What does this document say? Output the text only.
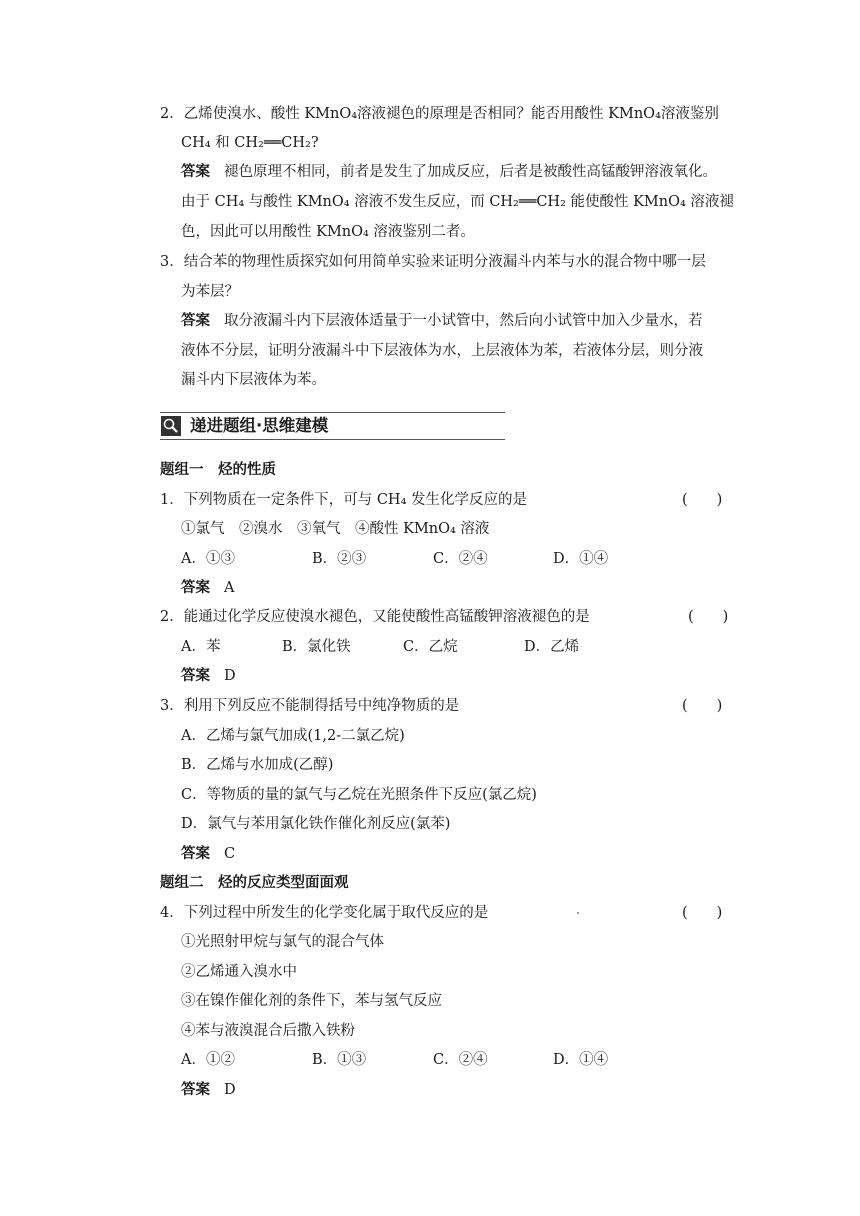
2．乙烯使溴水、酸性 KMnO₄溶液褪色的原理是否相同？能否用酸性 KMnO₄溶液鉴别
CH₄ 和 CH₂══CH₂?
答案 褪色原理不相同，前者是发生了加成反应，后者是被酸性高锰酸钾溶液氧化。
由于 CH₄ 与酸性 KMnO₄ 溶液不发生反应，而 CH₂══CH₂ 能使酸性 KMnO₄ 溶液褪
色，因此可以用酸性 KMnO₄ 溶液鉴别二者。
3．结合苯的物理性质探究如何用简单实验来证明分液漏斗内苯与水的混合物中哪一层
为苯层？
答案 取分液漏斗内下层液体适量于一小试管中，然后向小试管中加入少量水，若
液体不分层，证明分液漏斗中下层液体为水，上层液体为苯，若液体分层，则分液
漏斗内下层液体为苯。
递进题组·思维建模
题组一　烃的性质
1．下列物质在一定条件下，可与 CH₄ 发生化学反应的是	(　　)
①氯气　②溴水　③氧气　④酸性 KMnO₄ 溶液
A．①③	B．②③	C．②④	D．①④
答案 A
2．能通过化学反应使溴水褪色，又能使酸性高锰酸钾溶液褪色的是	(　　)
A．苯	B．氯化铁	C．乙烷	D．乙烯
答案 D
3．利用下列反应不能制得括号中纯净物质的是	(　　)
A．乙烯与氯气加成(1,2-二氯乙烷)
B．乙烯与水加成(乙醇)
C．等物质的量的氯气与乙烷在光照条件下反应(氯乙烷)
D．氯气与苯用氯化铁作催化剂反应(氯苯)
答案 C
题组二　烃的反应类型面面观
4．下列过程中所发生的化学变化属于取代反应的是	(　　)
①光照射甲烷与氯气的混合气体
②乙烯通入溴水中
③在镍作催化剂的条件下，苯与氢气反应
④苯与液溴混合后撒入铁粉
A．①②	B．①③	C．②④	D．①④
答案 D
